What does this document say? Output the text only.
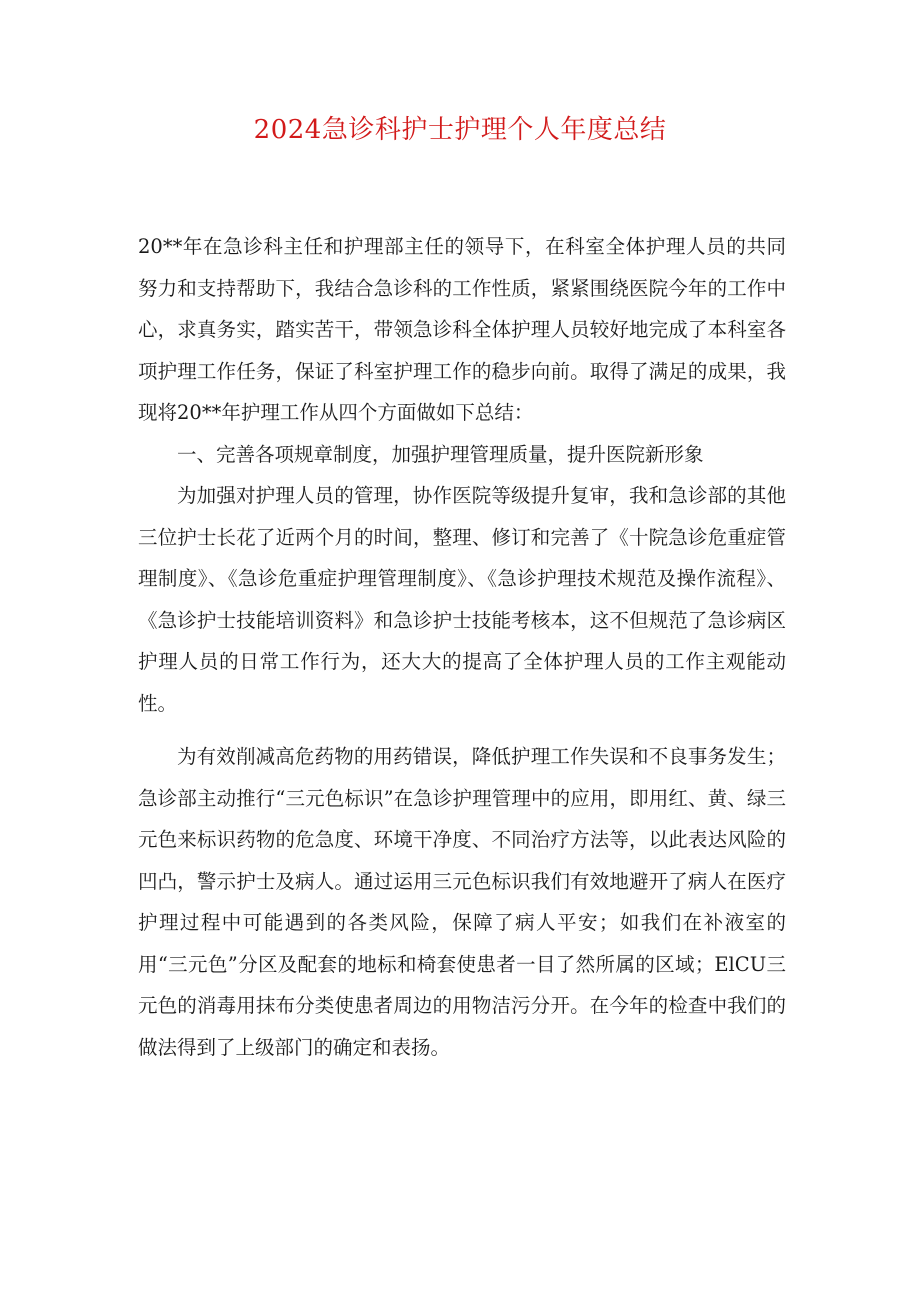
2024急诊科护士护理个人年度总结

20**年在急诊科主任和护理部主任的领导下，在科室全体护理人员的共同努力和支持帮助下，我结合急诊科的工作性质，紧紧围绕医院今年的工作中心，求真务实，踏实苦干，带领急诊科全体护理人员较好地完成了本科室各项护理工作任务，保证了科室护理工作的稳步向前。取得了满足的成果，我现将20**年护理工作从四个方面做如下总结：

一、完善各项规章制度，加强护理管理质量，提升医院新形象

为加强对护理人员的管理，协作医院等级提升复审，我和急诊部的其他三位护士长花了近两个月的时间，整理、修订和完善了《十院急诊危重症管理制度》、《急诊危重症护理管理制度》、《急诊护理技术规范及操作流程》、《急诊护士技能培训资料》和急诊护士技能考核本，这不但规范了急诊病区护理人员的日常工作行为，还大大的提高了全体护理人员的工作主观能动性。

为有效削减高危药物的用药错误，降低护理工作失误和不良事务发生；急诊部主动推行“三元色标识”在急诊护理管理中的应用，即用红、黄、绿三元色来标识药物的危急度、环境干净度、不同治疗方法等，以此表达风险的凹凸，警示护士及病人。通过运用三元色标识我们有效地避开了病人在医疗护理过程中可能遇到的各类风险，保障了病人平安；如我们在补液室的用“三元色”分区及配套的地标和椅套使患者一目了然所属的区域；ElCU三元色的消毒用抹布分类使患者周边的用物洁污分开。在今年的检查中我们的做法得到了上级部门的确定和表扬。
